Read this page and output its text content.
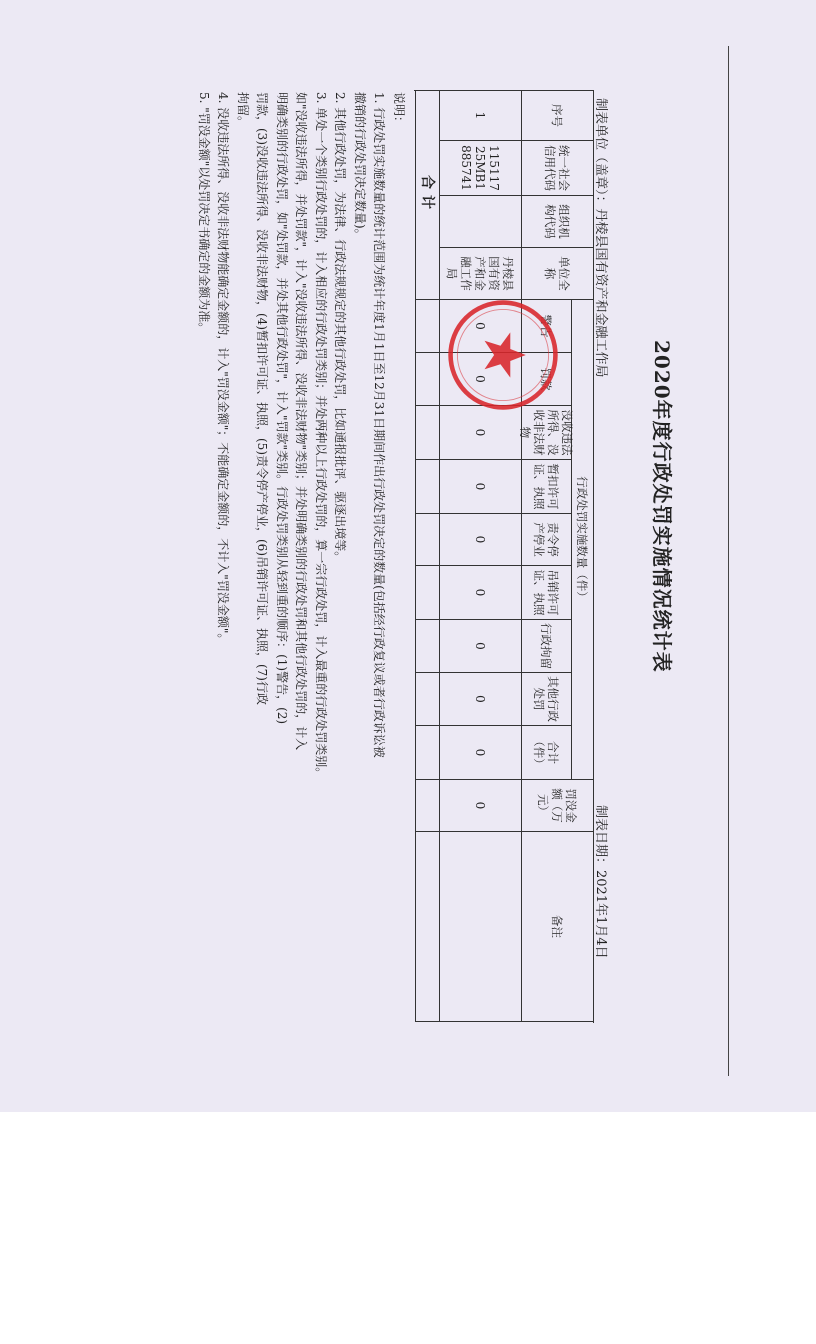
2020年度行政处罚实施情况统计表
制表单位（盖章）：丹棱县国有资产和金融工作局
制表日期：2021年1月4日
序号
统一社会信用代码
组织机构代码
单位全称
行政处罚实施数量（件）
罚没金额（万元）
备注
警告
罚款
没收违法所得、没收非法财物
暂扣许可证、执照
责令停产停业
吊销许可证、执照
行政拘留
其他行政处罚
合计（件）
1
11511725MB1885741
丹棱县国有资产和金融工作局
0
0
0
0
0
0
0
0
0
0
合计
说明：
1. 行政处罚实施数量的统计范围为统计年度1月1日至12月31日期间作出行政处罚决定的数量(包括经行政复议或者行政诉讼被
撤销的行政处罚决定数量)。
2. 其他行政处罚，为法律、行政法规规定的其他行政处罚，比如通报批评、驱逐出境等。
3. 单处一个类别行政处罚的，计入相应的行政处罚类别；并处两种以上行政处罚的，算一宗行政处罚，计入最重的行政处罚类别。
如"没收违法所得，并处罚款"，计入"没收违法所得、没收非法财物"类别；并处明确类别的行政处罚和其他行政处罚的，计入
明确类别的行政处罚，如"处罚款，并处其他行政处罚"，计入"罚款"类别。行政处罚类别从轻到重的顺序：(1)警告，(2)
罚款，(3)没收违法所得、没收非法财物，(4)暂扣许可证、执照，(5)责令停产停业，(6)吊销许可证、执照，(7)行政
拘留。
4. 没收违法所得、没收非法财物能确定金额的，计入"罚没金额"；不能确定金额的，不计入"罚没金额"。
5. "罚没金额"以处罚决定书确定的金额为准。
